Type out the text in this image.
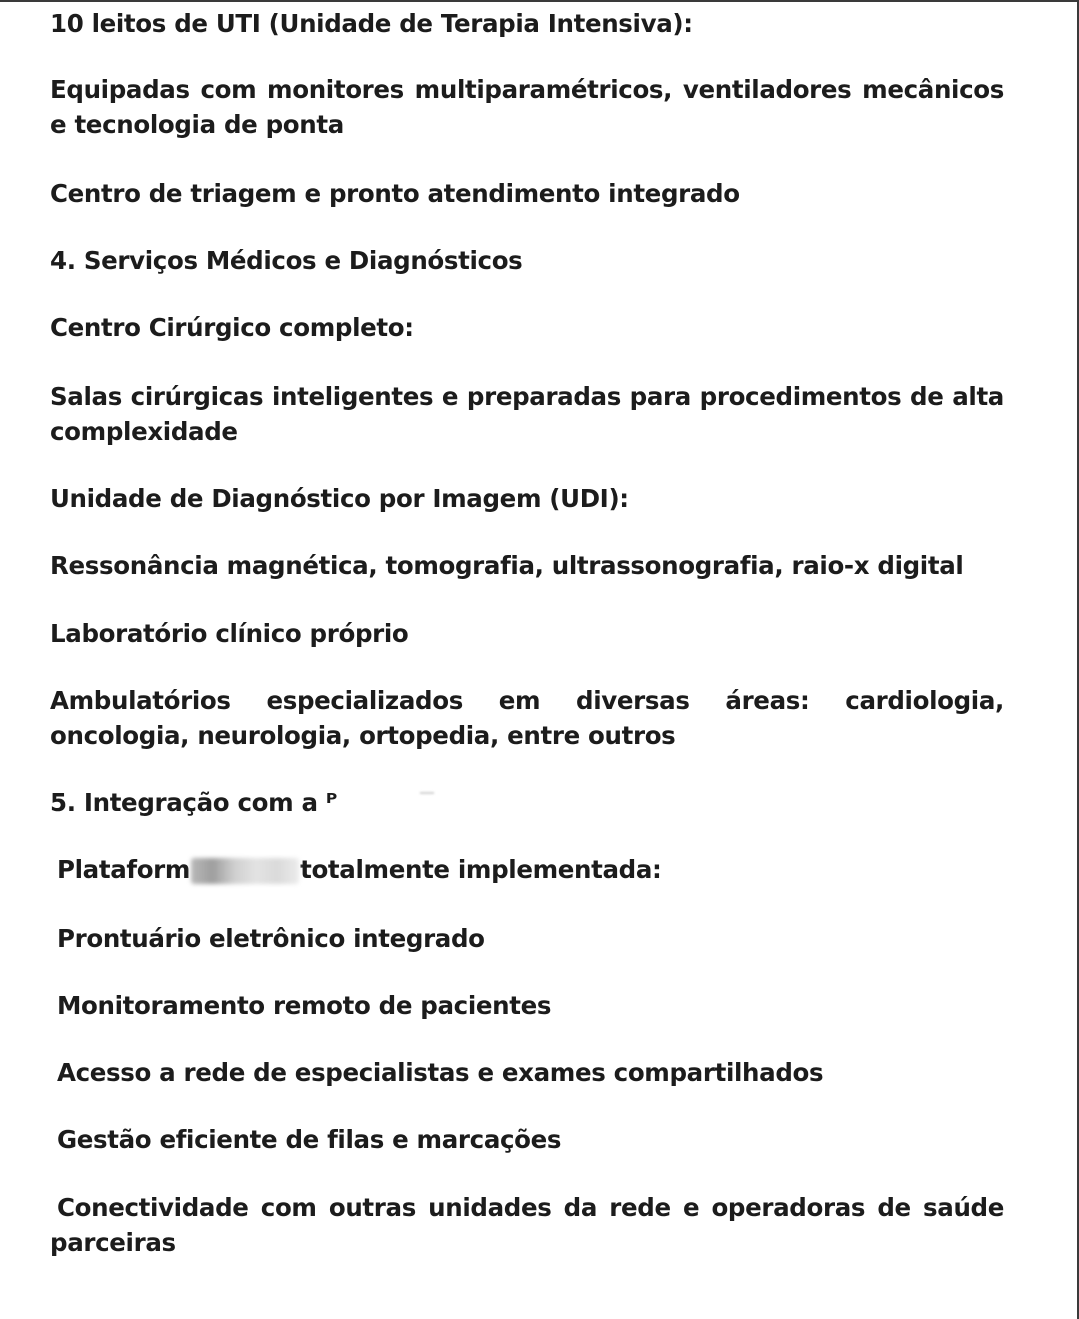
10 leitos de UTI (Unidade de Terapia Intensiva):

Equipadas com monitores multiparamétricos, ventiladores mecânicos e tecnologia de ponta

Centro de triagem e pronto atendimento integrado

4. Serviços Médicos e Diagnósticos

Centro Cirúrgico completo:

Salas cirúrgicas inteligentes e preparadas para procedimentos de alta complexidade

Unidade de Diagnóstico por Imagem (UDI):

Ressonância magnética, tomografia, ultrassonografia, raio-x digital

Laboratório clínico próprio

Ambulatórios especializados em diversas áreas: cardiologia, oncologia, neurologia, ortopedia, entre outros

5. Integração com a ᴾ

Plataform	totalmente implementada:

Prontuário eletrônico integrado

Monitoramento remoto de pacientes

Acesso a rede de especialistas e exames compartilhados

Gestão eficiente de filas e marcações

Conectividade com outras unidades da rede e operadoras de saúde parceiras
